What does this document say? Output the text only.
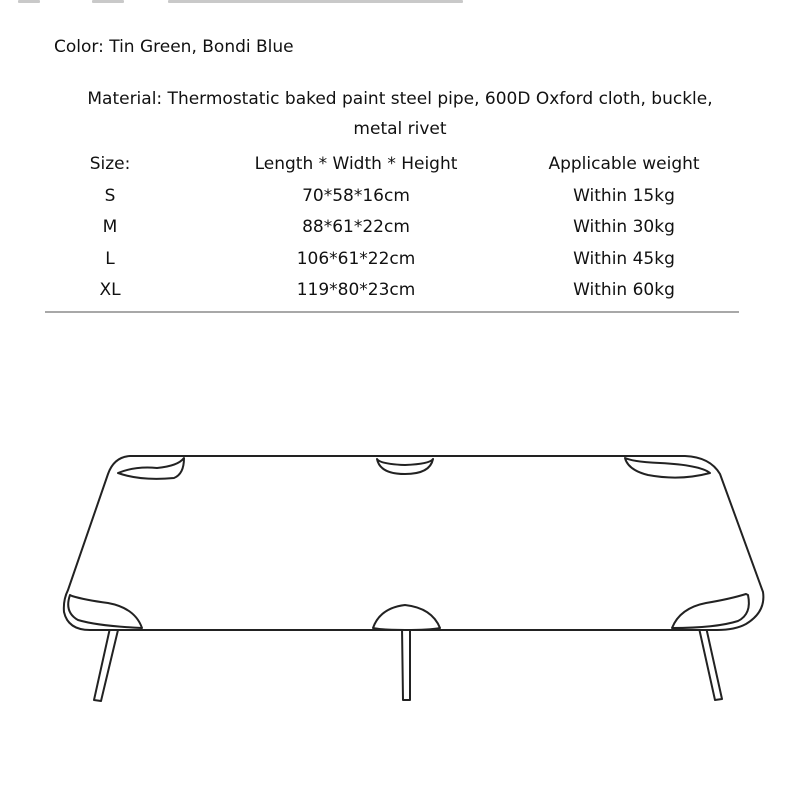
Color: Tin Green, Bondi Blue
Material: Thermostatic baked paint steel pipe, 600D Oxford cloth, buckle,
metal rivet
Size:	Length * Width * Height	Applicable weight
S	70*58*16cm	Within 15kg
M	88*61*22cm	Within 30kg
L	106*61*22cm	Within 45kg
XL	119*80*23cm	Within 60kg
